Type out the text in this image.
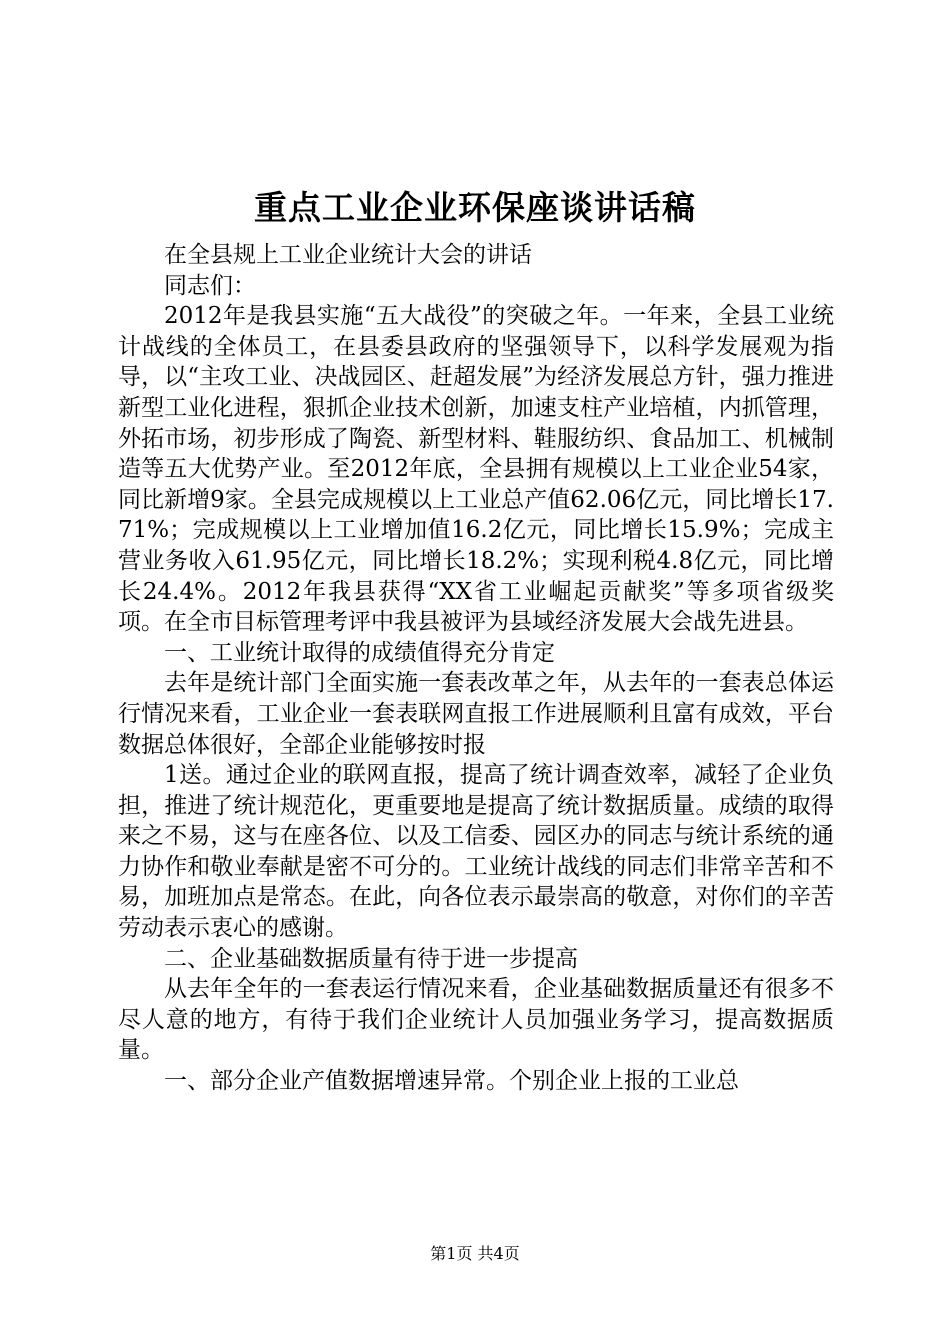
重点工业企业环保座谈讲话稿

在全县规上工业企业统计大会的讲话

同志们：

2012年是我县实施“五大战役”的突破之年。一年来，全县工业统计战线的全体员工，在县委县政府的坚强领导下，以科学发展观为指导，以“主攻工业、决战园区、赶超发展”为经济发展总方针，强力推进新型工业化进程，狠抓企业技术创新，加速支柱产业培植，内抓管理，外拓市场，初步形成了陶瓷、新型材料、鞋服纺织、食品加工、机械制造等五大优势产业。至2012年底，全县拥有规模以上工业企业54家，同比新增9家。全县完成规模以上工业总产值62.06亿元，同比增长17.71%；完成规模以上工业增加值16.2亿元，同比增长15.9%；完成主营业务收入61.95亿元，同比增长18.2%；实现利税4.8亿元，同比增长24.4%。2012年我县获得“XX省工业崛起贡献奖”等多项省级奖项。在全市目标管理考评中我县被评为县域经济发展大会战先进县。

一、工业统计取得的成绩值得充分肯定

去年是统计部门全面实施一套表改革之年，从去年的一套表总体运行情况来看，工业企业一套表联网直报工作进展顺利且富有成效，平台数据总体很好，全部企业能够按时报

1送。通过企业的联网直报，提高了统计调查效率，减轻了企业负担，推进了统计规范化，更重要地是提高了统计数据质量。成绩的取得来之不易，这与在座各位、以及工信委、园区办的同志与统计系统的通力协作和敬业奉献是密不可分的。工业统计战线的同志们非常辛苦和不易，加班加点是常态。在此，向各位表示最崇高的敬意，对你们的辛苦劳动表示衷心的感谢。

二、企业基础数据质量有待于进一步提高

从去年全年的一套表运行情况来看，企业基础数据质量还有很多不尽人意的地方，有待于我们企业统计人员加强业务学习，提高数据质量。

一、部分企业产值数据增速异常。个别企业上报的工业总

第1页 共4页
